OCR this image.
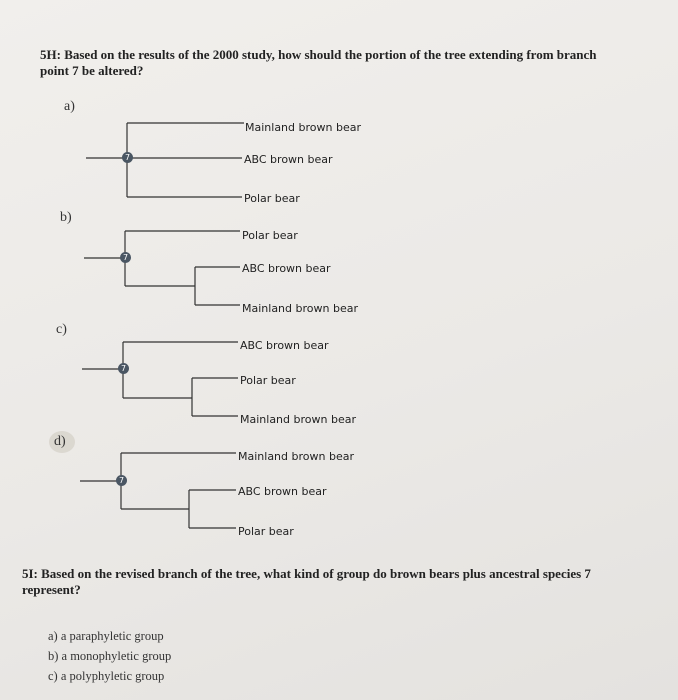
5H: Based on the results of the 2000 study, how should the portion of the tree extending from branch point 7 be altered?
a)
b)
c)
d)
7
7
7
7
Mainland brown bear
ABC brown bear
Polar bear
Polar bear
ABC brown bear
Mainland brown bear
ABC brown bear
Polar bear
Mainland brown bear
Mainland brown bear
ABC brown bear
Polar bear
5I: Based on the revised branch of the tree, what kind of group do brown bears plus ancestral species 7 represent?
a) a paraphyletic group
b) a monophyletic group
c) a polyphyletic group
